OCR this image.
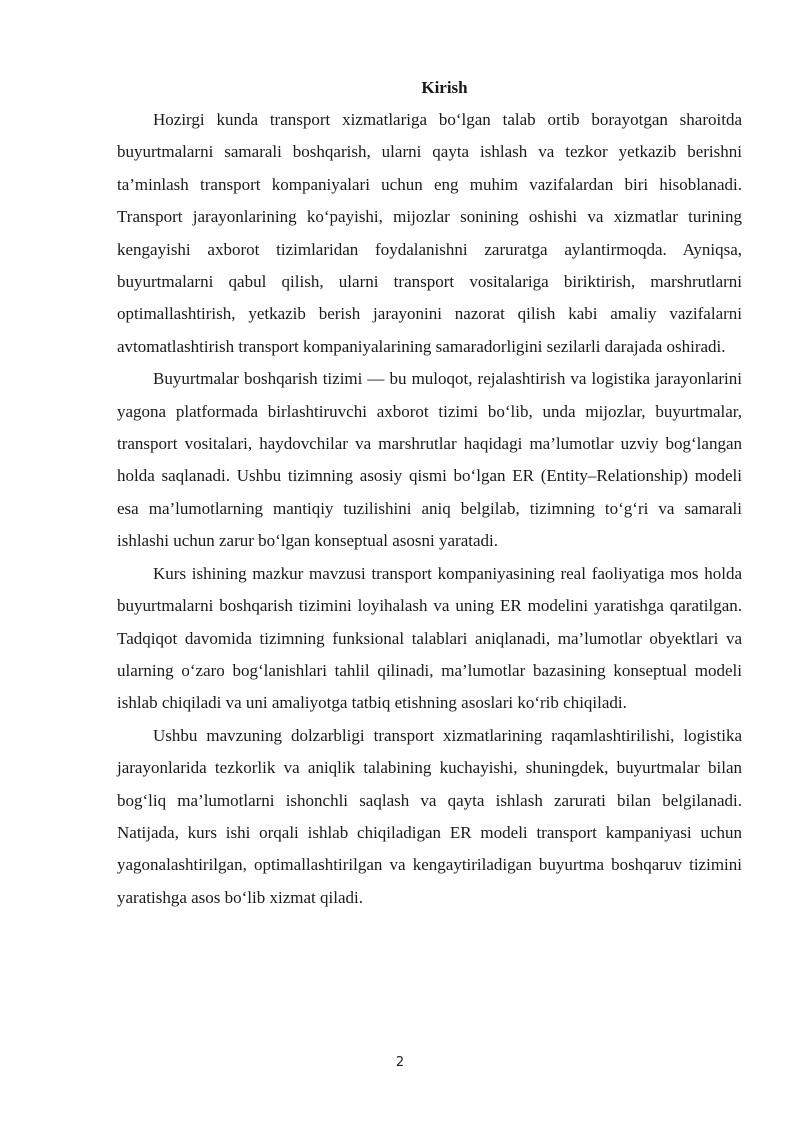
Kirish

Hozirgi kunda transport xizmatlariga bo‘lgan talab ortib borayotgan sharoitda buyurtmalarni samarali boshqarish, ularni qayta ishlash va tezkor yetkazib berishni ta’minlash transport kompaniyalari uchun eng muhim vazifalardan biri hisoblanadi. Transport jarayonlarining ko‘payishi, mijozlar sonining oshishi va xizmatlar turining kengayishi axborot tizimlaridan foydalanishni zaruratga aylantirmoqda. Ayniqsa, buyurtmalarni qabul qilish, ularni transport vositalariga biriktirish, marshrutlarni optimallashtirish, yetkazib berish jarayonini nazorat qilish kabi amaliy vazifalarni avtomatlashtirish transport kompaniyalarining samaradorligini sezilarli darajada oshiradi.

Buyurtmalar boshqarish tizimi — bu muloqot, rejalashtirish va logistika jarayonlarini yagona platformada birlashtiruvchi axborot tizimi bo‘lib, unda mijozlar, buyurtmalar, transport vositalari, haydovchilar va marshrutlar haqidagi ma’lumotlar uzviy bog‘langan holda saqlanadi. Ushbu tizimning asosiy qismi bo‘lgan ER (Entity–Relationship) modeli esa ma’lumotlarning mantiqiy tuzilishini aniq belgilab, tizimning to‘g‘ri va samarali ishlashi uchun zarur bo‘lgan konseptual asosni yaratadi.

Kurs ishining mazkur mavzusi transport kompaniyasining real faoliyatiga mos holda buyurtmalarni boshqarish tizimini loyihalash va uning ER modelini yaratishga qaratilgan. Tadqiqot davomida tizimning funksional talablari aniqlanadi, ma’lumotlar obyektlari va ularning o‘zaro bog‘lanishlari tahlil qilinadi, ma’lumotlar bazasining konseptual modeli ishlab chiqiladi va uni amaliyotga tatbiq etishning asoslari ko‘rib chiqiladi.

Ushbu mavzuning dolzarbligi transport xizmatlarining raqamlashtirilishi, logistika jarayonlarida tezkorlik va aniqlik talabining kuchayishi, shuningdek, buyurtmalar bilan bog‘liq ma’lumotlarni ishonchli saqlash va qayta ishlash zarurati bilan belgilanadi. Natijada, kurs ishi orqali ishlab chiqiladigan ER modeli transport kampaniyasi uchun yagonalashtirilgan, optimallashtirilgan va kengaytiriladigan buyurtma boshqaruv tizimini yaratishga asos bo‘lib xizmat qiladi.

2
